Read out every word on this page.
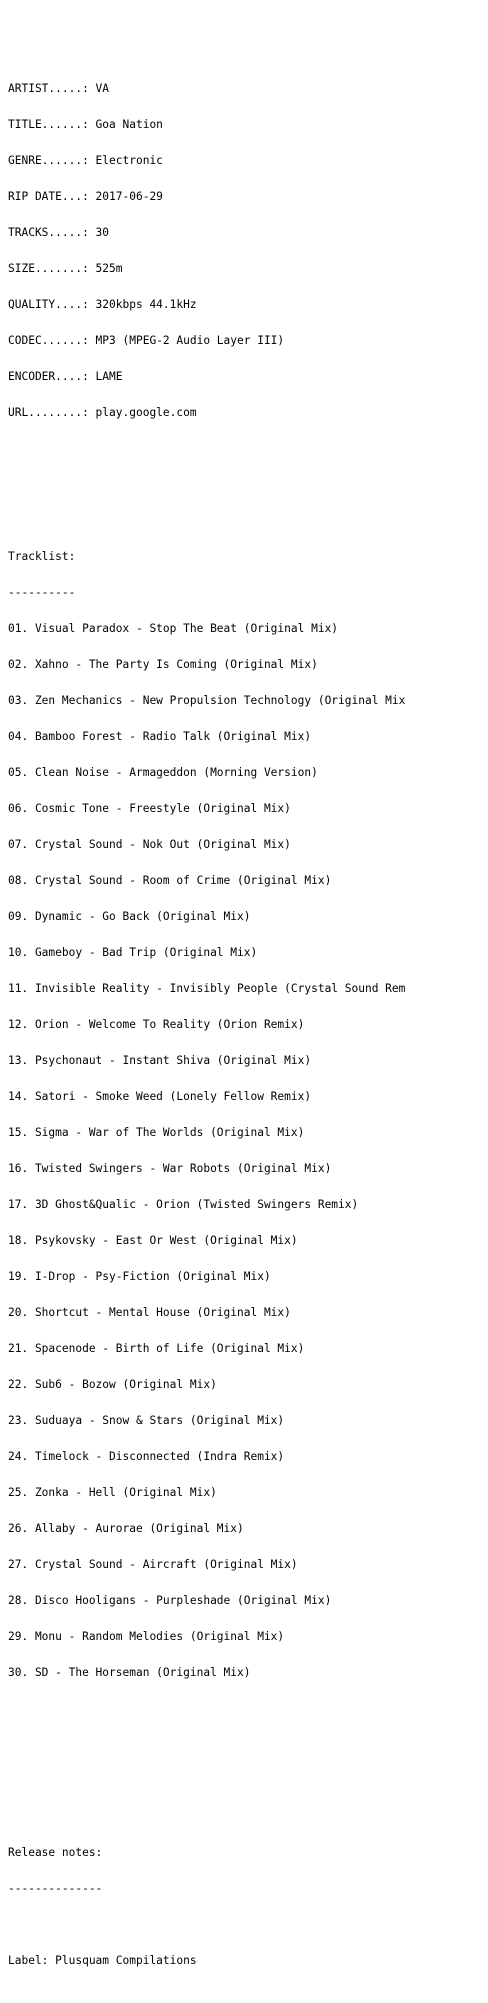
ARTIST.....: VA

TITLE......: Goa Nation

GENRE......: Electronic

RIP DATE...: 2017-06-29

TRACKS.....: 30

SIZE.......: 525m

QUALITY....: 320kbps 44.1kHz

CODEC......: MP3 (MPEG-2 Audio Layer III)

ENCODER....: LAME

URL........: play.google.com

Tracklist:

----------

01. Visual Paradox - Stop The Beat (Original Mix)

02. Xahno - The Party Is Coming (Original Mix)

03. Zen Mechanics - New Propulsion Technology (Original Mix

04. Bamboo Forest - Radio Talk (Original Mix)

05. Clean Noise - Armageddon (Morning Version)

06. Cosmic Tone - Freestyle (Original Mix)

07. Crystal Sound - Nok Out (Original Mix)

08. Crystal Sound - Room of Crime (Original Mix)

09. Dynamic - Go Back (Original Mix)

10. Gameboy - Bad Trip (Original Mix)

11. Invisible Reality - Invisibly People (Crystal Sound Rem

12. Orion - Welcome To Reality (Orion Remix)

13. Psychonaut - Instant Shiva (Original Mix)

14. Satori - Smoke Weed (Lonely Fellow Remix)

15. Sigma - War of The Worlds (Original Mix)

16. Twisted Swingers - War Robots (Original Mix)

17. 3D Ghost&Qualic - Orion (Twisted Swingers Remix)

18. Psykovsky - East Or West (Original Mix)

19. I-Drop - Psy-Fiction (Original Mix)

20. Shortcut - Mental House (Original Mix)

21. Spacenode - Birth of Life (Original Mix)

22. Sub6 - Bozow (Original Mix)

23. Suduaya - Snow & Stars (Original Mix)

24. Timelock - Disconnected (Indra Remix)

25. Zonka - Hell (Original Mix)

26. Allaby - Aurorae (Original Mix)

27. Crystal Sound - Aircraft (Original Mix)

28. Disco Hooligans - Purpleshade (Original Mix)

29. Monu - Random Melodies (Original Mix)

30. SD - The Horseman (Original Mix)

Release notes:

--------------

Label: Plusquam Compilations
